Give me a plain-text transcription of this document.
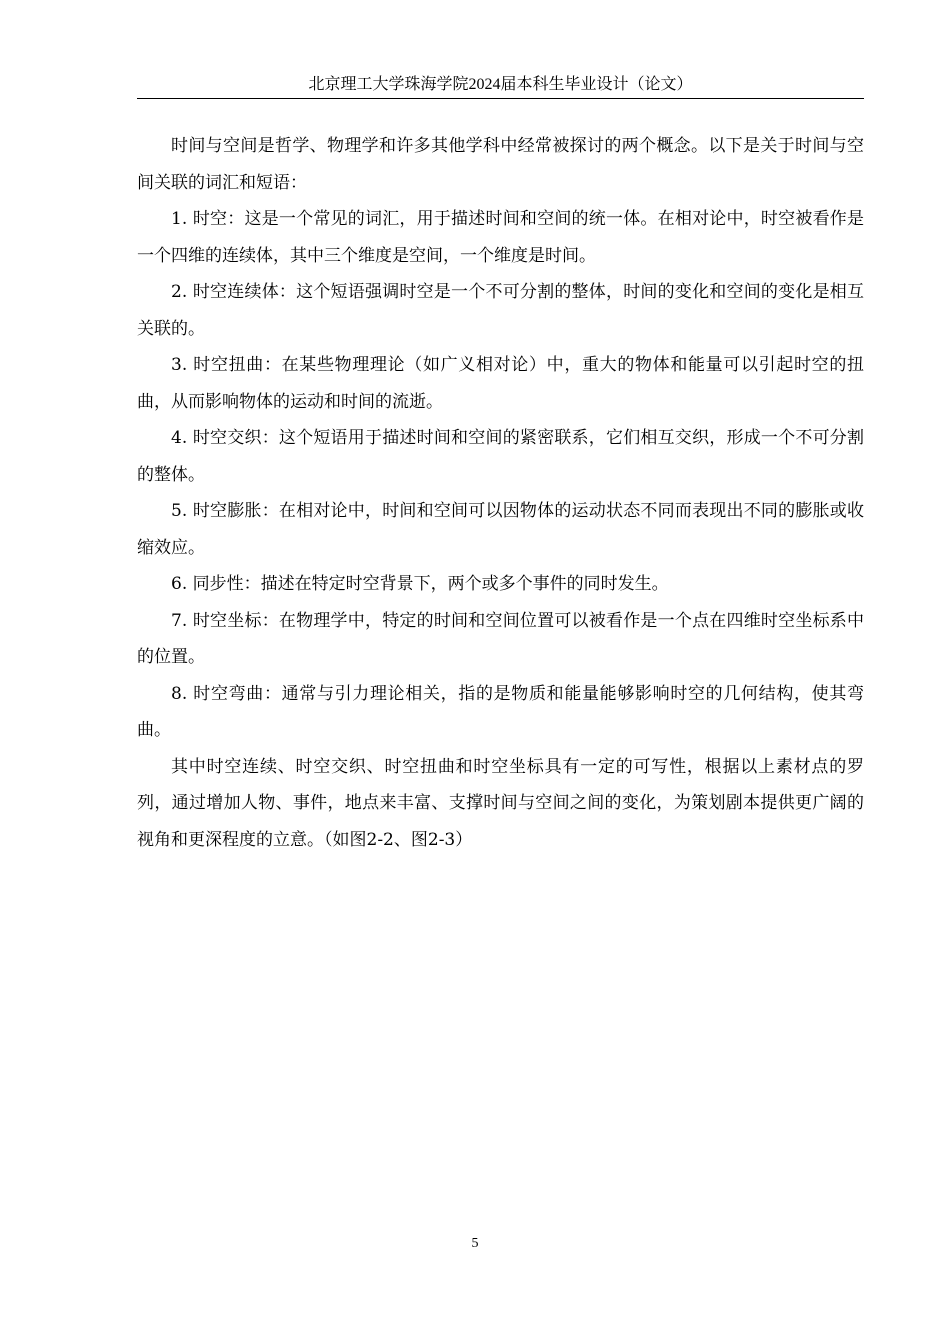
北京理工大学珠海学院2024届本科生毕业设计（论文）

时间与空间是哲学、物理学和许多其他学科中经常被探讨的两个概念。以下是关于时间与空间关联的词汇和短语：

1. 时空：这是一个常见的词汇，用于描述时间和空间的统一体。在相对论中，时空被看作是一个四维的连续体，其中三个维度是空间，一个维度是时间。

2. 时空连续体：这个短语强调时空是一个不可分割的整体，时间的变化和空间的变化是相互关联的。

3. 时空扭曲：在某些物理理论（如广义相对论）中，重大的物体和能量可以引起时空的扭曲，从而影响物体的运动和时间的流逝。

4. 时空交织：这个短语用于描述时间和空间的紧密联系，它们相互交织，形成一个不可分割的整体。

5. 时空膨胀：在相对论中，时间和空间可以因物体的运动状态不同而表现出不同的膨胀或收缩效应。

6. 同步性：描述在特定时空背景下，两个或多个事件的同时发生。

7. 时空坐标：在物理学中，特定的时间和空间位置可以被看作是一个点在四维时空坐标系中的位置。

8. 时空弯曲：通常与引力理论相关，指的是物质和能量能够影响时空的几何结构，使其弯曲。

其中时空连续、时空交织、时空扭曲和时空坐标具有一定的可写性，根据以上素材点的罗列，通过增加人物、事件，地点来丰富、支撑时间与空间之间的变化，为策划剧本提供更广阔的视角和更深程度的立意。（如图2-2、图2-3）

5
